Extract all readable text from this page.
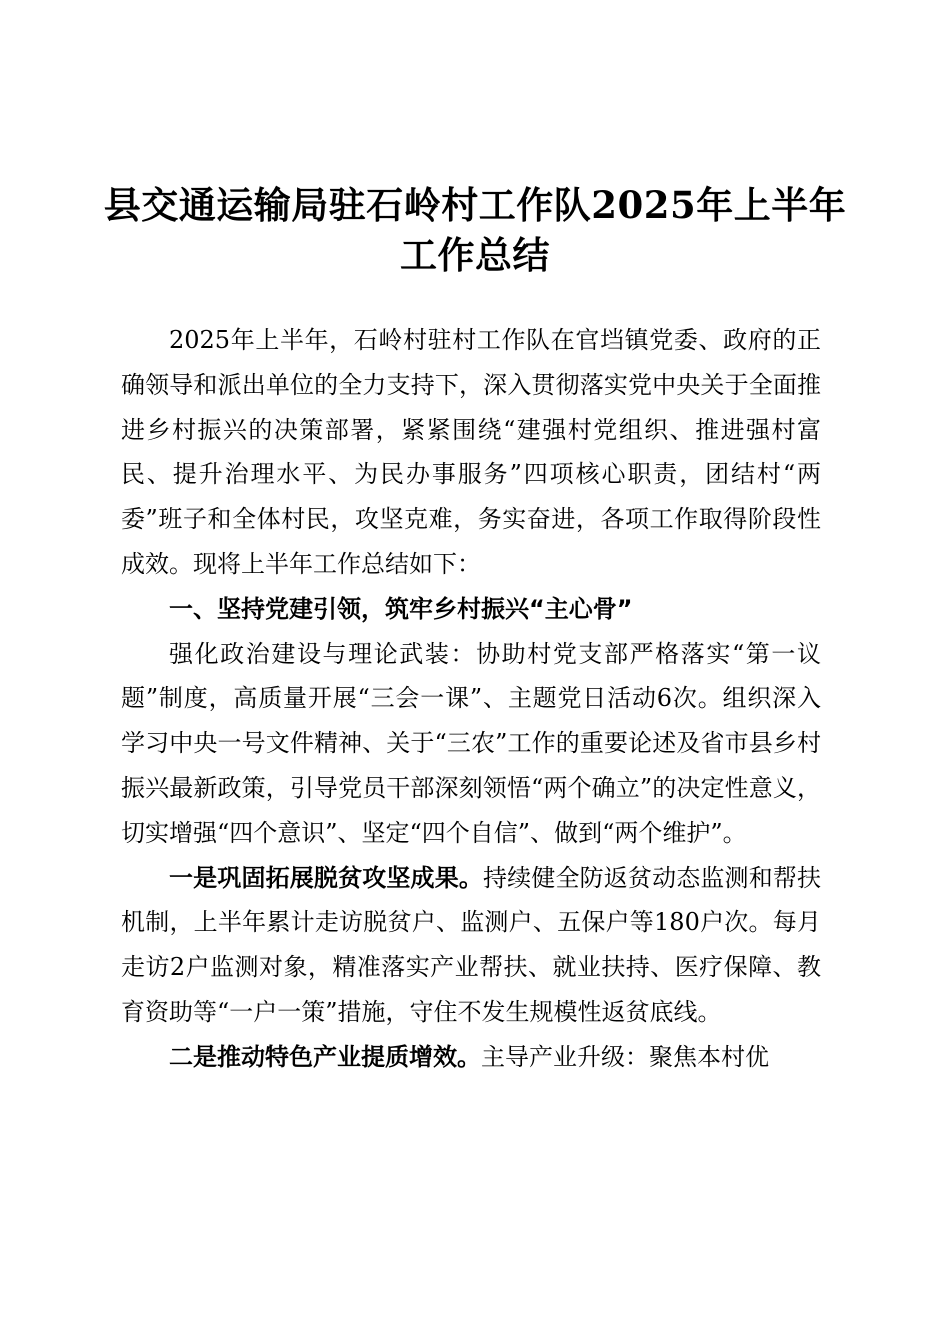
县交通运输局驻石岭村工作队2025年上半年
工作总结

2025年上半年，石岭村驻村工作队在官垱镇党委、政府的正确领导和派出单位的全力支持下，深入贯彻落实党中央关于全面推进乡村振兴的决策部署，紧紧围绕“建强村党组织、推进强村富民、提升治理水平、为民办事服务”四项核心职责，团结村“两委”班子和全体村民，攻坚克难，务实奋进，各项工作取得阶段性成效。现将上半年工作总结如下：

一、坚持党建引领，筑牢乡村振兴“主心骨”

强化政治建设与理论武装：协助村党支部严格落实“第一议题”制度，高质量开展“三会一课”、主题党日活动6次。组织深入学习中央一号文件精神、关于“三农”工作的重要论述及省市县乡村振兴最新政策，引导党员干部深刻领悟“两个确立”的决定性意义，切实增强“四个意识”、坚定“四个自信”、做到“两个维护”。

一是巩固拓展脱贫攻坚成果。持续健全防返贫动态监测和帮扶机制，上半年累计走访脱贫户、监测户、五保户等180户次。每月走访2户监测对象，精准落实产业帮扶、就业扶持、医疗保障、教育资助等“一户一策”措施，守住不发生规模性返贫底线。

二是推动特色产业提质增效。主导产业升级：聚焦本村优
